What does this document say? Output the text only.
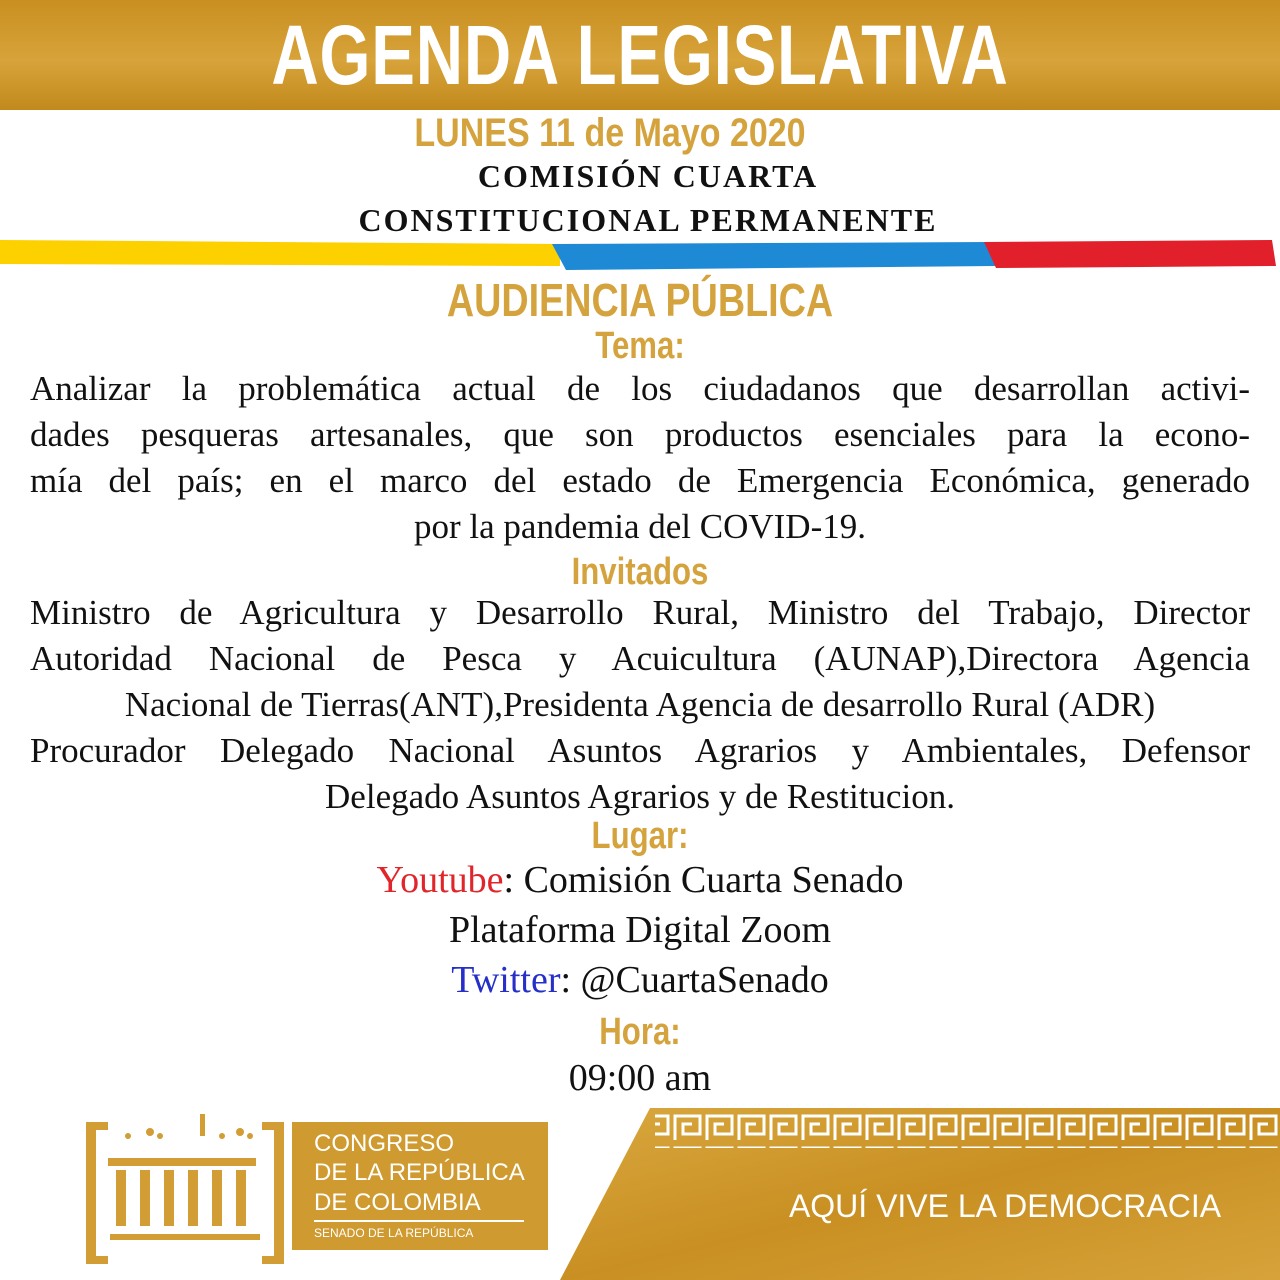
AGENDA LEGISLATIVA
LUNES 11 de Mayo 2020
COMISIÓN CUARTA
CONSTITUCIONAL PERMANENTE
AUDIENCIA PÚBLICA
Tema:
Analizar la problemática actual de los ciudadanos que desarrollan activi-
dades pesqueras artesanales, que son productos esenciales para la econo-
mía del país; en el marco del estado de Emergencia Económica, generado
por la pandemia del COVID-19.
Invitados
Ministro de Agricultura y Desarrollo Rural, Ministro del Trabajo, Director
Autoridad Nacional de Pesca y Acuicultura (AUNAP),Directora Agencia
Nacional de Tierras(ANT),Presidenta Agencia de desarrollo Rural (ADR)
Procurador Delegado Nacional Asuntos Agrarios y Ambientales, Defensor
Delegado Asuntos Agrarios y de Restitucion.
Lugar:
Youtube: Comisión Cuarta Senado
Plataforma Digital Zoom
Twitter: @CuartaSenado
Hora:
09:00 am
CONGRESO
DE LA REPÚBLICA
DE COLOMBIA
SENADO DE LA REPÚBLICA
AQUÍ VIVE LA DEMOCRACIA
